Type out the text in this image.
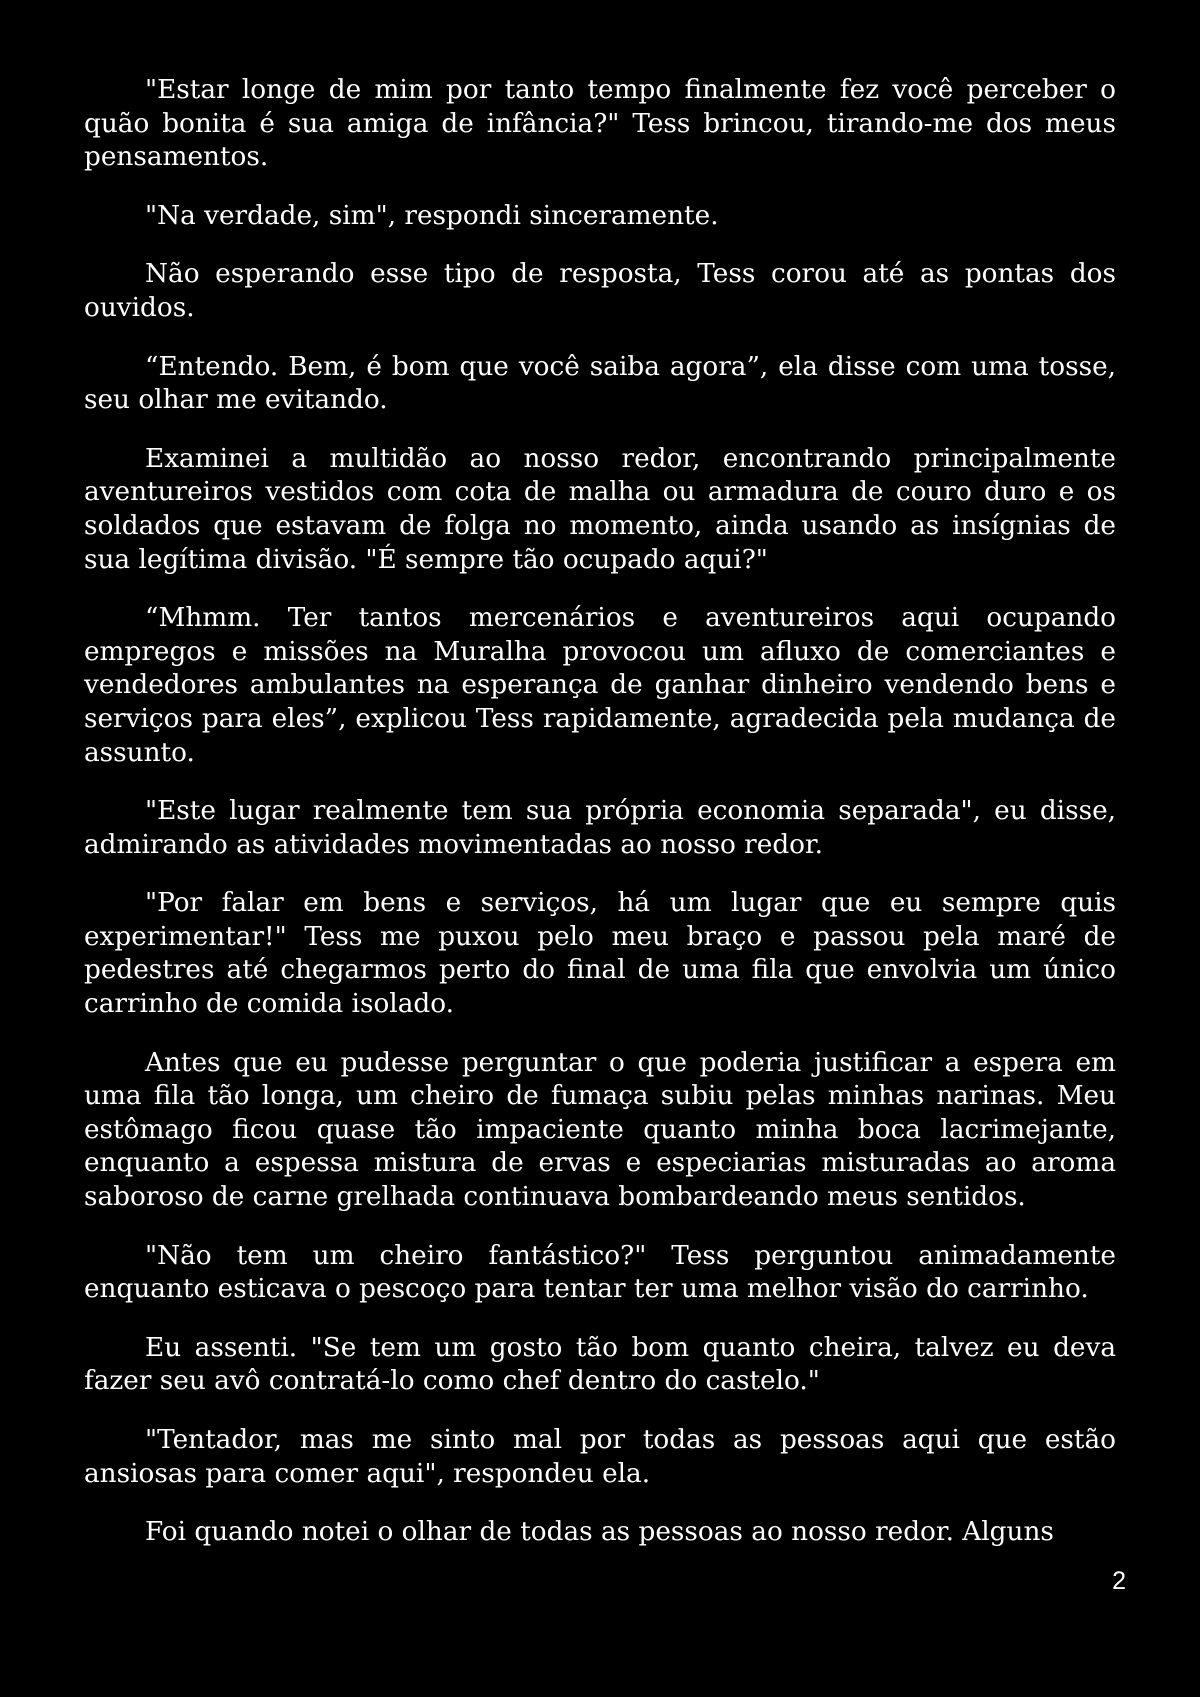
"Estar longe de mim por tanto tempo finalmente fez você perceber o quão bonita é sua amiga de infância?" Tess brincou, tirando-me dos meus pensamentos.

"Na verdade, sim", respondi sinceramente.

Não esperando esse tipo de resposta, Tess corou até as pontas dos ouvidos.

“Entendo. Bem, é bom que você saiba agora”, ela disse com uma tosse, seu olhar me evitando.

Examinei a multidão ao nosso redor, encontrando principalmente aventureiros vestidos com cota de malha ou armadura de couro duro e os soldados que estavam de folga no momento, ainda usando as insígnias de sua legítima divisão. "É sempre tão ocupado aqui?"

“Mhmm. Ter tantos mercenários e aventureiros aqui ocupando empregos e missões na Muralha provocou um afluxo de comerciantes e vendedores ambulantes na esperança de ganhar dinheiro vendendo bens e serviços para eles”, explicou Tess rapidamente, agradecida pela mudança de assunto.

"Este lugar realmente tem sua própria economia separada", eu disse, admirando as atividades movimentadas ao nosso redor.

"Por falar em bens e serviços, há um lugar que eu sempre quis experimentar!" Tess me puxou pelo meu braço e passou pela maré de pedestres até chegarmos perto do final de uma fila que envolvia um único carrinho de comida isolado.

Antes que eu pudesse perguntar o que poderia justificar a espera em uma fila tão longa, um cheiro de fumaça subiu pelas minhas narinas. Meu estômago ficou quase tão impaciente quanto minha boca lacrimejante, enquanto a espessa mistura de ervas e especiarias misturadas ao aroma saboroso de carne grelhada continuava bombardeando meus sentidos.

"Não tem um cheiro fantástico?" Tess perguntou animadamente enquanto esticava o pescoço para tentar ter uma melhor visão do carrinho.

Eu assenti. "Se tem um gosto tão bom quanto cheira, talvez eu deva fazer seu avô contratá-lo como chef dentro do castelo."

"Tentador, mas me sinto mal por todas as pessoas aqui que estão ansiosas para comer aqui", respondeu ela.

Foi quando notei o olhar de todas as pessoas ao nosso redor. Alguns

2
